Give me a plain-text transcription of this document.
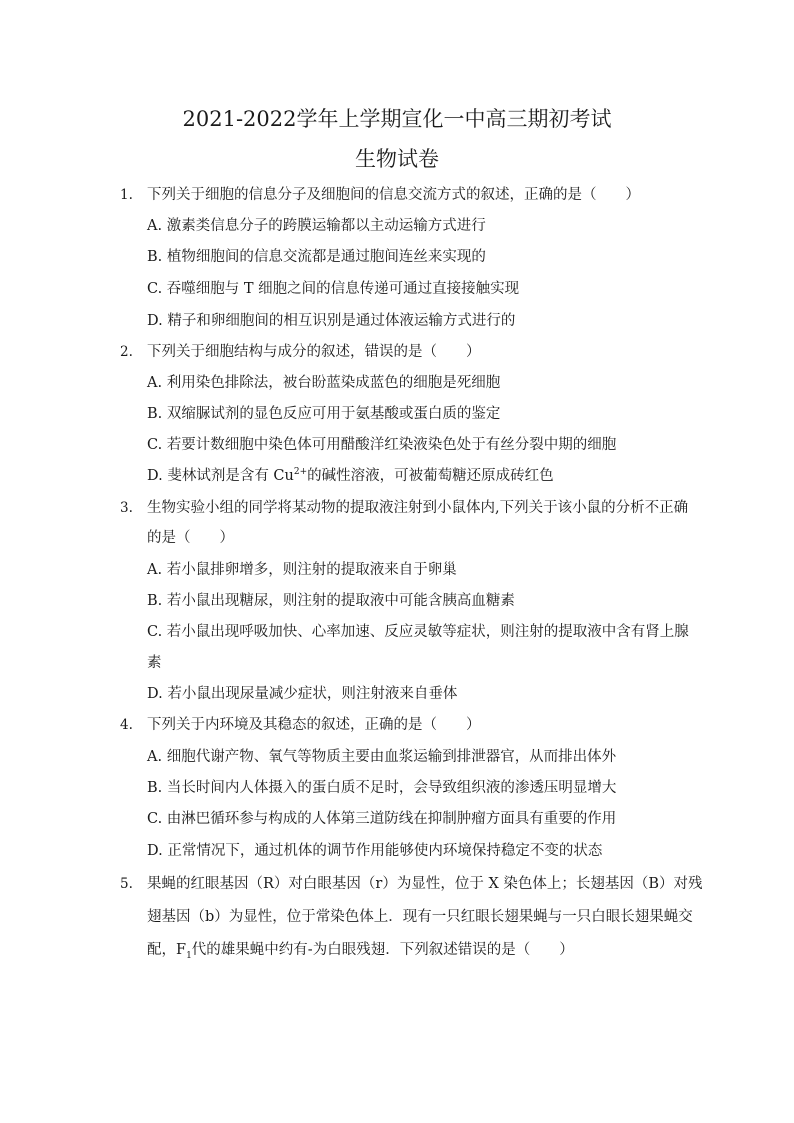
2021-2022学年上学期宣化一中高三期初考试
生物试卷
1. 下列关于细胞的信息分子及细胞间的信息交流方式的叙述，正确的是（　　）
A. 激素类信息分子的跨膜运输都以主动运输方式进行
B. 植物细胞间的信息交流都是通过胞间连丝来实现的
C. 吞噬细胞与 T 细胞之间的信息传递可通过直接接触实现
D. 精子和卵细胞间的相互识别是通过体液运输方式进行的
2. 下列关于细胞结构与成分的叙述，错误的是（　　）
A. 利用染色排除法，被台盼蓝染成蓝色的细胞是死细胞
B. 双缩脲试剂的显色反应可用于氨基酸或蛋白质的鉴定
C. 若要计数细胞中染色体可用醋酸洋红染液染色处于有丝分裂中期的细胞
D. 斐林试剂是含有 $Cu^{2+}$的碱性溶液，可被葡萄糖还原成砖红色
3. 生物实验小组的同学将某动物的提取液注射到小鼠体内,下列关于该小鼠的分析不正确
的是（　　）
A. 若小鼠排卵增多，则注射的提取液来自于卵巢
B. 若小鼠出现糖尿，则注射的提取液中可能含胰高血糖素
C. 若小鼠出现呼吸加快、心率加速、反应灵敏等症状，则注射的提取液中含有肾上腺
素
D. 若小鼠出现尿量减少症状，则注射液来自垂体
4. 下列关于内环境及其稳态的叙述，正确的是（　　）
A. 细胞代谢产物、氧气等物质主要由血浆运输到排泄器官，从而排出体外
B. 当长时间内人体摄入的蛋白质不足时，会导致组织液的渗透压明显增大
C. 由淋巴循环参与构成的人体第三道防线在抑制肿瘤方面具有重要的作用
D. 正常情况下，通过机体的调节作用能够使内环境保持稳定不变的状态
5. 果蝇的红眼基因（R）对白眼基因（r）为显性，位于 X 染色体上；长翅基因（B）对残
翅基因（b）为显性，位于常染色体上．现有一只红眼长翅果蝇与一只白眼长翅果蝇交
配，$F_1$代的雄果蝇中约有-为白眼残翅．下列叙述错误的是（　　）
